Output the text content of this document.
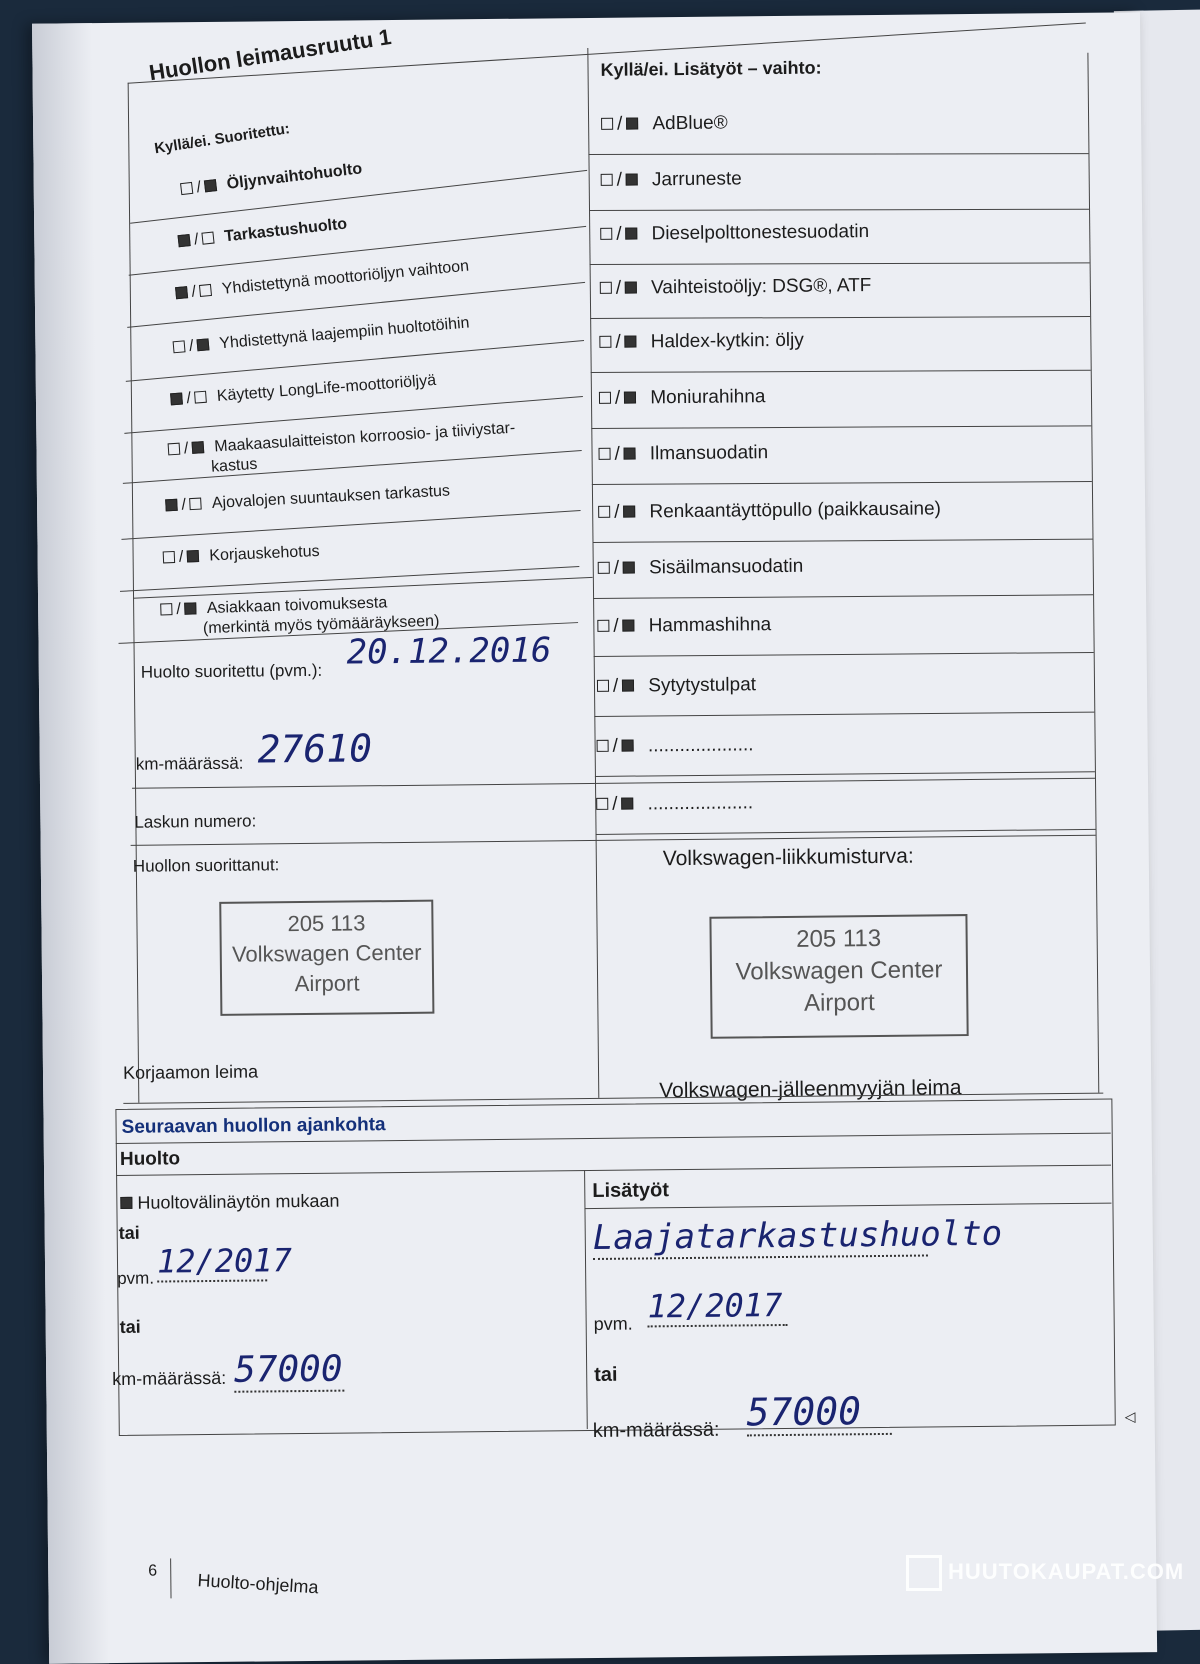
Huollon leimausruutu 1
Kyllä/ei. Suoritettu:
Kyllä/ei. Lisätyöt – vaihto:
/ Öljynvaihtohuolto
/ Tarkastushuolto
/ Yhdistettynä moottoriöljyn vaihtoon
/ Yhdistettynä laajempiin huoltotöihin
/ Käytetty LongLife-moottoriöljyä
/ Maakaasulaitteiston korroosio- ja tiiviystar-
kastus
/ Ajovalojen suuntauksen tarkastus
/ Korjauskehotus
/ Asiakkaan toivomuksesta
(merkintä myös työmääräykseen)
/ AdBlue®
/ Jarruneste
/ Dieselpolttonestesuodatin
/ Vaihteistoöljy: DSG®, ATF
/ Haldex-kytkin: öljy
/ Moniurahihna
/ Ilmansuodatin
/ Renkaantäyttöpullo (paikkausaine)
/ Sisäilmansuodatin
/ Hammashihna
/ Sytytystulpat
/ ....................
/ ....................
Huolto suoritettu (pvm.): 20.12.2016
km-määrässä: 27610
Laskun numero:
Huollon suorittanut:	Volkswagen-liikkumisturva:
205 113
Volkswagen Center
Airport
205 113
Volkswagen Center
Airport
Korjaamon leima
Volkswagen-jälleenmyyjän leima
Seuraavan huollon ajankohta
Huolto
Lisätyöt
Huoltovälinäytön mukaan
tai
pvm. 12/2017
tai
km-määrässä: 57000
Laajatarkastushuolto
pvm. 12/2017
tai
km-määrässä: 57000	◁
6 Huolto-ohjelma	HUUTOKAUPAT.COM
